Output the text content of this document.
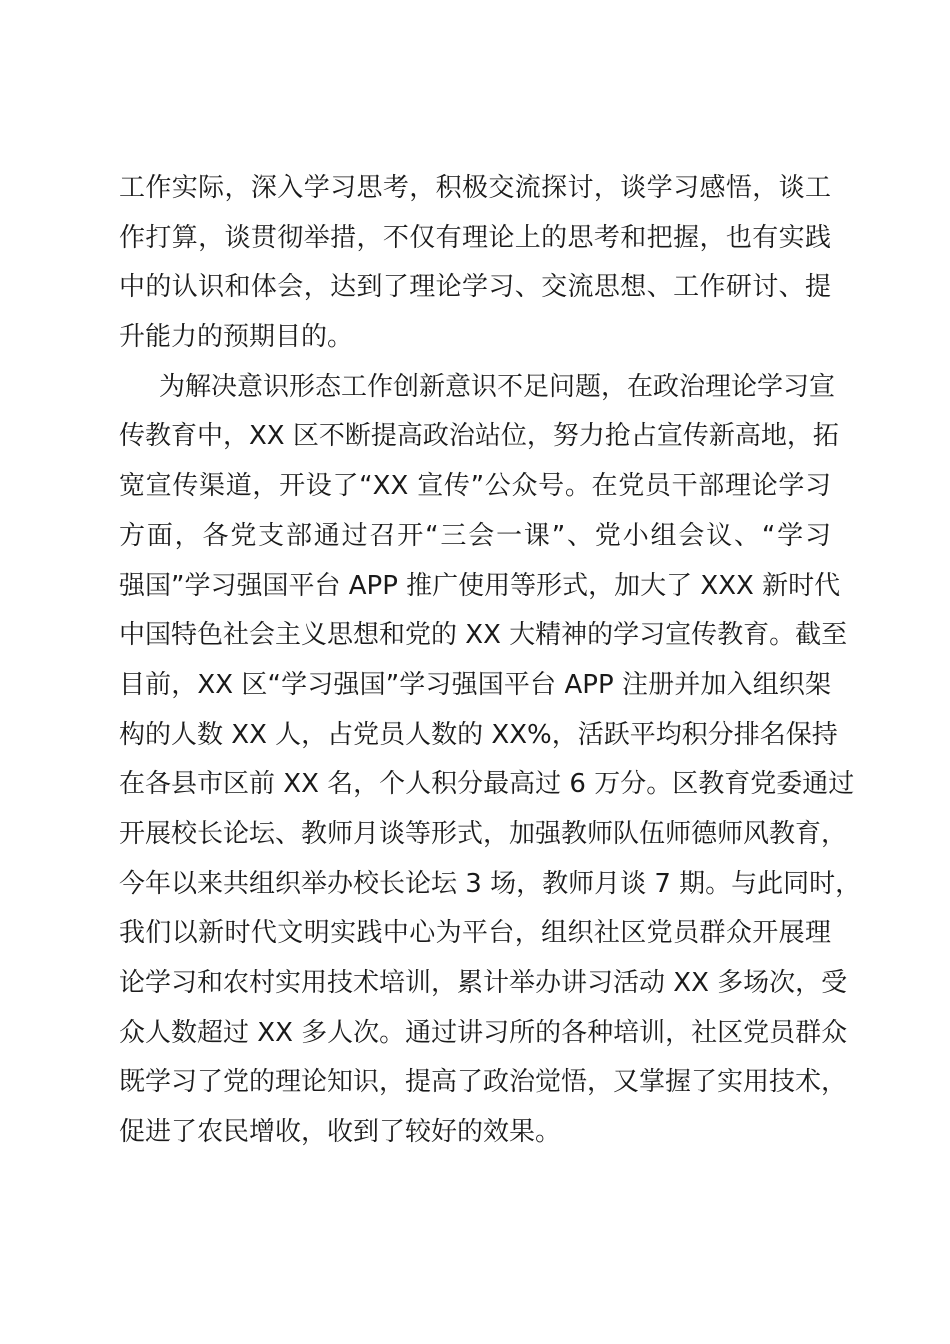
工作实际，深入学习思考，积极交流探讨，谈学习感悟，谈工
作打算，谈贯彻举措，不仅有理论上的思考和把握，也有实践
中的认识和体会，达到了理论学习、交流思想、工作研讨、提
升能力的预期目的。

为解决意识形态工作创新意识不足问题，在政治理论学习宣
传教育中，XX 区不断提高政治站位，努力抢占宣传新高地，拓
宽宣传渠道，开设了“XX 宣传”公众号。在党员干部理论学习
方面，各党支部通过召开“三会一课”、党小组会议、“学习
强国”学习强国平台 APP 推广使用等形式，加大了 XXX 新时代
中国特色社会主义思想和党的 XX 大精神的学习宣传教育。截至
目前，XX 区“学习强国”学习强国平台 APP 注册并加入组织架
构的人数 XX 人，占党员人数的 XX%，活跃平均积分排名保持
在各县市区前 XX 名，个人积分最高过 6 万分。区教育党委通过
开展校长论坛、教师月谈等形式，加强教师队伍师德师风教育，
今年以来共组织举办校长论坛 3 场，教师月谈 7 期。与此同时，
我们以新时代文明实践中心为平台，组织社区党员群众开展理
论学习和农村实用技术培训，累计举办讲习活动 XX 多场次，受
众人数超过 XX 多人次。通过讲习所的各种培训，社区党员群众
既学习了党的理论知识，提高了政治觉悟，又掌握了实用技术，
促进了农民增收，收到了较好的效果。
